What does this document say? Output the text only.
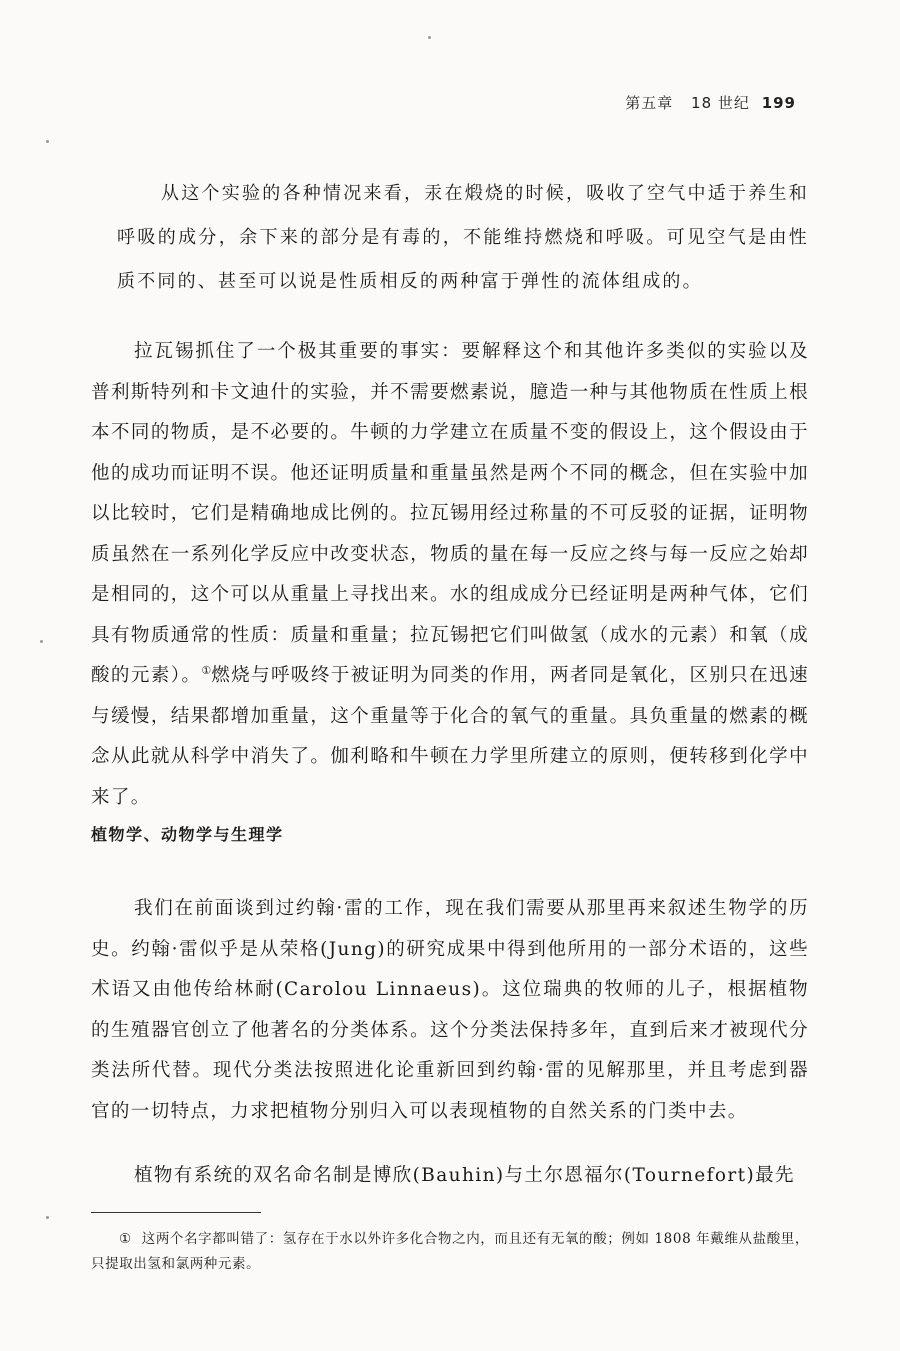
第五章 18 世纪 199
从这个实验的各种情况来看，汞在煅烧的时候，吸收了空气中适于养生和呼吸的成分，余下来的部分是有毒的，不能维持燃烧和呼吸。可见空气是由性质不同的、甚至可以说是性质相反的两种富于弹性的流体组成的。
拉瓦锡抓住了一个极其重要的事实：要解释这个和其他许多类似的实验以及普利斯特列和卡文迪什的实验，并不需要燃素说，臆造一种与其他物质在性质上根本不同的物质，是不必要的。牛顿的力学建立在质量不变的假设上，这个假设由于他的成功而证明不误。他还证明质量和重量虽然是两个不同的概念，但在实验中加以比较时，它们是精确地成比例的。拉瓦锡用经过称量的不可反驳的证据，证明物质虽然在一系列化学反应中改变状态，物质的量在每一反应之终与每一反应之始却是相同的，这个可以从重量上寻找出来。水的组成成分已经证明是两种气体，它们具有物质通常的性质：质量和重量；拉瓦锡把它们叫做氢（成水的元素）和氧（成酸的元素）。①燃烧与呼吸终于被证明为同类的作用，两者同是氧化，区别只在迅速与缓慢，结果都增加重量，这个重量等于化合的氧气的重量。具负重量的燃素的概念从此就从科学中消失了。伽利略和牛顿在力学里所建立的原则，便转移到化学中来了。
植物学、动物学与生理学
我们在前面谈到过约翰·雷的工作，现在我们需要从那里再来叙述生物学的历史。约翰·雷似乎是从荣格(Jung)的研究成果中得到他所用的一部分术语的，这些术语又由他传给林耐(Carolou Linnaeus)。这位瑞典的牧师的儿子，根据植物的生殖器官创立了他著名的分类体系。这个分类法保持多年，直到后来才被现代分类法所代替。现代分类法按照进化论重新回到约翰·雷的见解那里，并且考虑到器官的一切特点，力求把植物分别归入可以表现植物的自然关系的门类中去。
植物有系统的双名命名制是博欣(Bauhin)与土尔恩福尔(Tournefort)最先
① 这两个名字都叫错了：氢存在于水以外许多化合物之内，而且还有无氧的酸；例如 1808 年戴维从盐酸里，只提取出氢和氯两种元素。
